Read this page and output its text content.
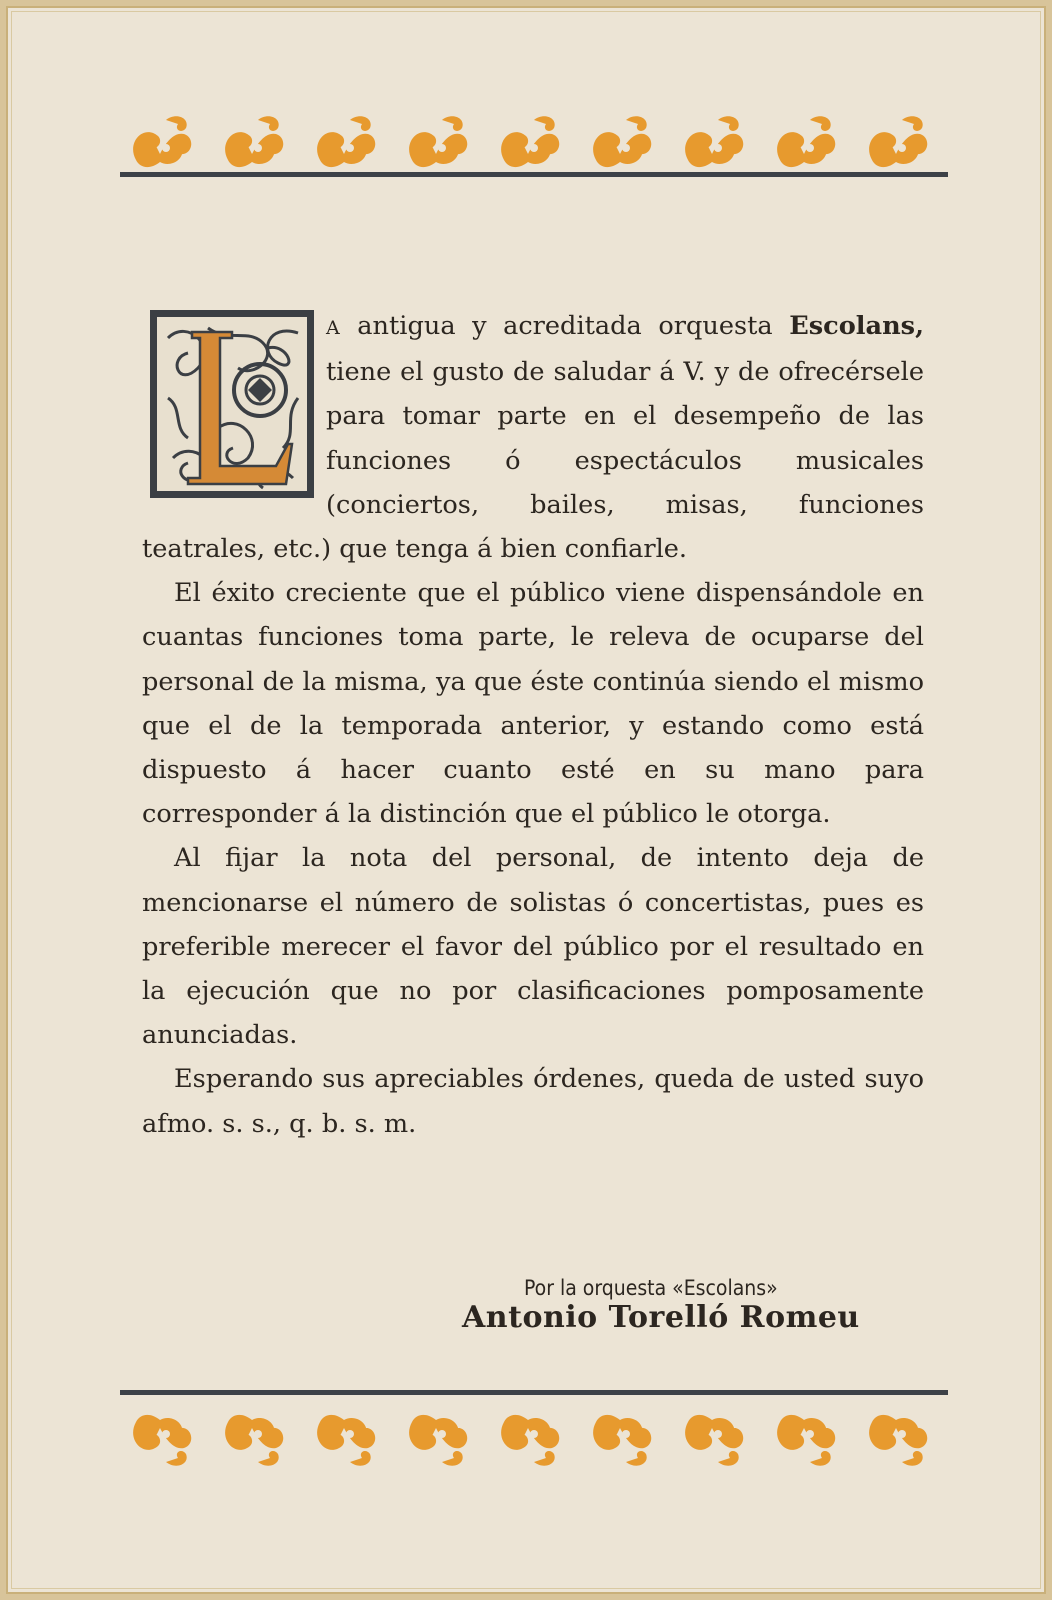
A antigua y acreditada orquesta Escolans, tiene el gusto de saludar á V. y de ofrecérsele para tomar parte en el desempeño de las funciones ó espectáculos musicales (conciertos, bailes, misas, funciones teatrales, etc.) que tenga á bien confiarle.

El éxito creciente que el público viene dispensándole en cuantas funciones toma parte, le releva de ocuparse del personal de la misma, ya que éste continúa siendo el mismo que el de la temporada anterior, y estando como está dispuesto á hacer cuanto esté en su mano para corresponder á la distinción que el público le otorga.

Al fijar la nota del personal, de intento deja de mencionarse el número de solistas ó concertistas, pues es preferible merecer el favor del público por el resultado en la ejecución que no por clasificaciones pomposamente anunciadas.

Esperando sus apreciables órdenes, queda de usted suyo afmo. s. s., q. b. s. m.

Por la orquesta «Escolans»
Antonio Torelló Romeu
